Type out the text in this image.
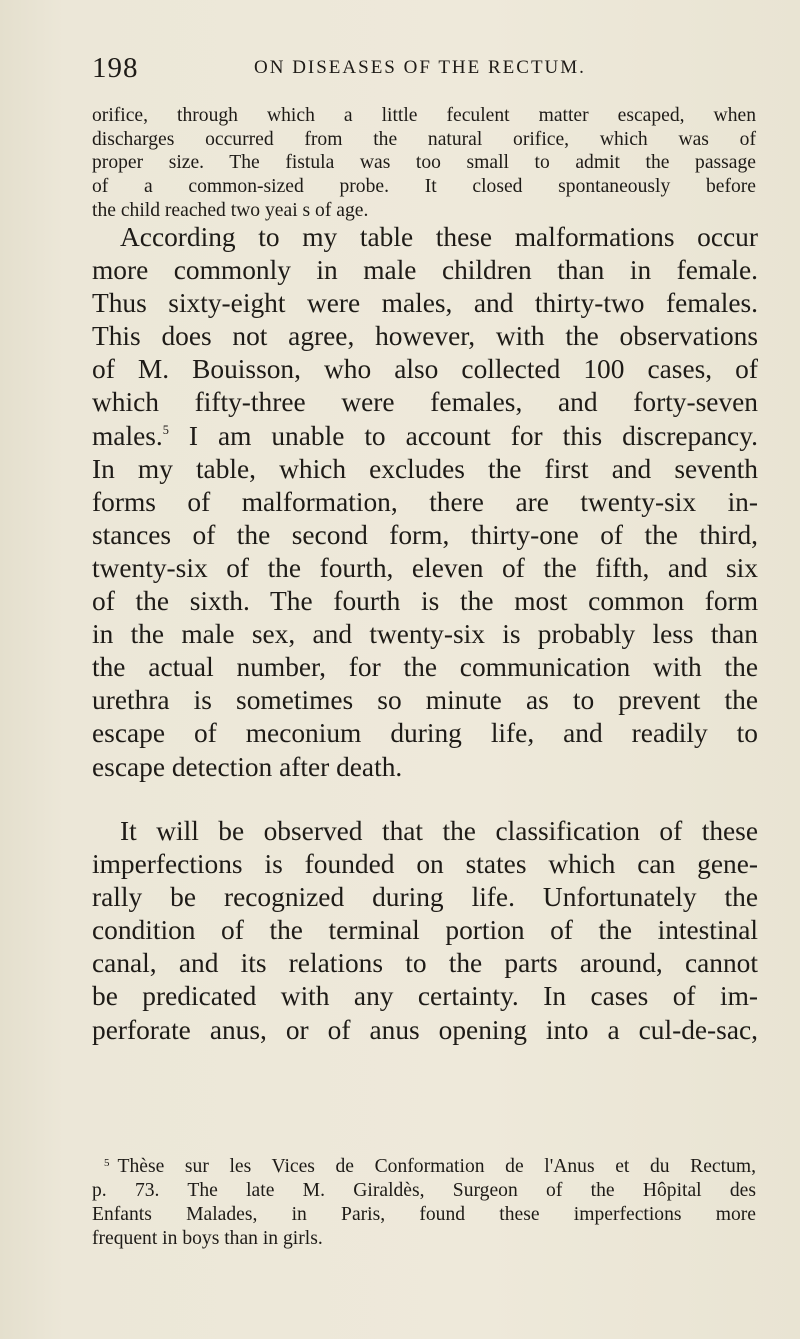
198	ON DISEASES OF THE RECTUM.
orifice, through which a little feculent matter escaped, when
discharges occurred from the natural orifice, which was of
proper size. The fistula was too small to admit the passage
of a common-sized probe. It closed spontaneously before
the child reached two yeai s of age.
According to my table these malformations occur
more commonly in male children than in female.
Thus sixty-eight were males, and thirty-two females.
This does not agree, however, with the observations
of M. Bouisson, who also collected 100 cases, of
which fifty-three were females, and forty-seven
males.$^5$ I am unable to account for this discrepancy.
In my table, which excludes the first and seventh
forms of malformation, there are twenty-six in-
stances of the second form, thirty-one of the third,
twenty-six of the fourth, eleven of the fifth, and six
of the sixth. The fourth is the most common form
in the male sex, and twenty-six is probably less than
the actual number, for the communication with the
urethra is sometimes so minute as to prevent the
escape of meconium during life, and readily to
escape detection after death.
It will be observed that the classification of these
imperfections is founded on states which can gene-
rally be recognized during life. Unfortunately the
condition of the terminal portion of the intestinal
canal, and its relations to the parts around, cannot
be predicated with any certainty. In cases of im-
perforate anus, or of anus opening into a cul-de-sac,
$^5$ Thèse sur les Vices de Conformation de l'Anus et du Rectum,
p. 73. The late M. Giraldès, Surgeon of the Hôpital des
Enfants Malades, in Paris, found these imperfections more
frequent in boys than in girls.
